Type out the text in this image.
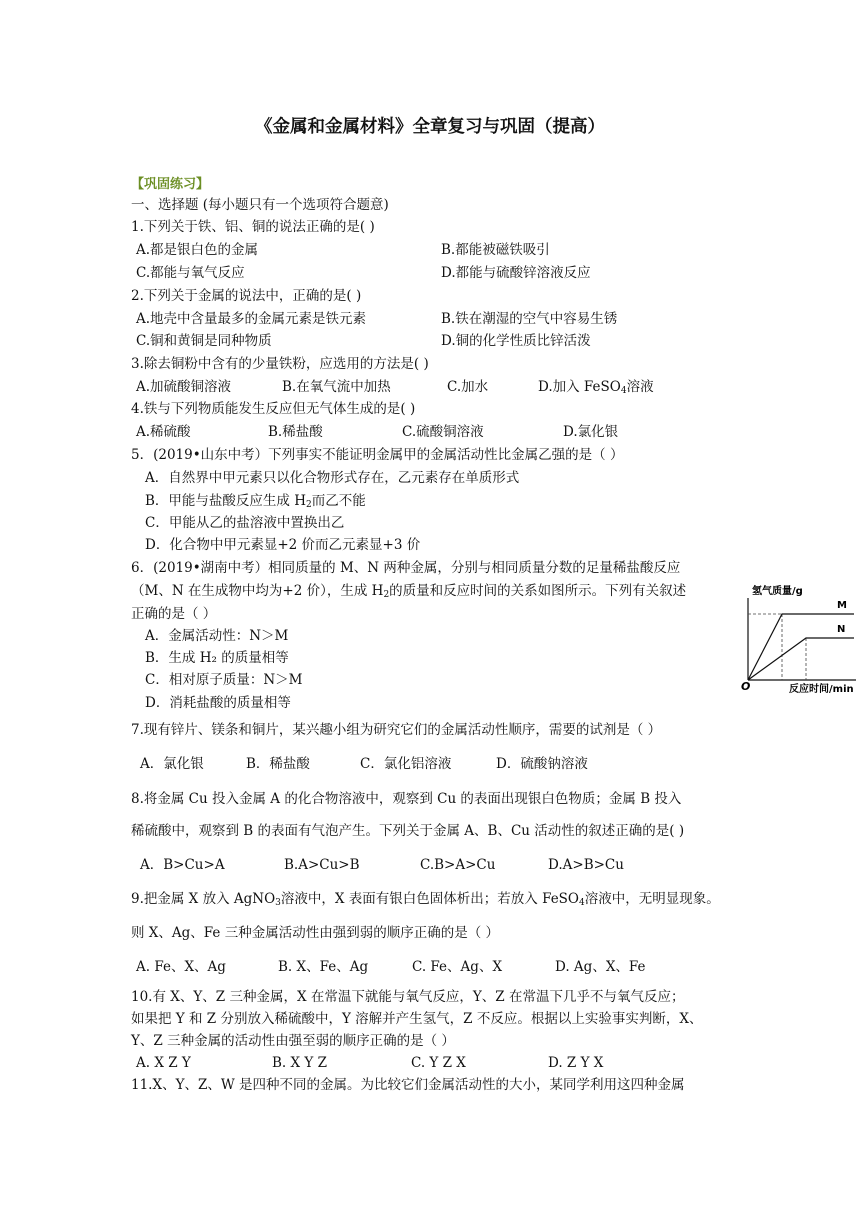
《金属和金属材料》全章复习与巩固（提高）
【巩固练习】
一、选择题 (每小题只有一个选项符合题意)
1.下列关于铁、铝、铜的说法正确的是( )
A.都是银白色的金属	B.都能被磁铁吸引
C.都能与氧气反应	D.都能与硫酸锌溶液反应
2.下列关于金属的说法中，正确的是( )
A.地壳中含量最多的金属元素是铁元素	B.铁在潮湿的空气中容易生锈
C.铜和黄铜是同种物质	D.铜的化学性质比锌活泼
3.除去铜粉中含有的少量铁粉，应选用的方法是( )
A.加硫酸铜溶液	B.在氧气流中加热	C.加水	D.加入 FeSO$_4$溶液
4.铁与下列物质能发生反应但无气体生成的是( )
A.稀硫酸	B.稀盐酸	C.硫酸铜溶液	D.氯化银
5．(2019•山东中考）下列事实不能证明金属甲的金属活动性比金属乙强的是（ ）
A．自然界中甲元素只以化合物形式存在，乙元素存在单质形式
B．甲能与盐酸反应生成 $H_2$而乙不能
C．甲能从乙的盐溶液中置换出乙
D．化合物中甲元素显+2 价而乙元素显+3 价
6．(2019•湖南中考）相同质量的 M、N 两种金属，分别与相同质量分数的足量稀盐酸反应
（M、N 在生成物中均为+2 价），生成 $H_2$的质量和反应时间的关系如图所示。下列有关叙述
正确的是（ ）
A．金属活动性：N＞M
B．生成 H₂ 的质量相等
C．相对原子质量：N＞M
D．消耗盐酸的质量相等
氢气质量/g
M
N
O	反应时间/min
7.现有锌片、镁条和铜片，某兴趣小组为研究它们的金属活动性顺序，需要的试剂是（ ）
A．氯化银	B．稀盐酸	C．氯化铝溶液	D．硫酸钠溶液
8.将金属 Cu 投入金属 A 的化合物溶液中，观察到 Cu 的表面出现银白色物质；金属 B 投入
稀硫酸中，观察到 B 的表面有气泡产生。下列关于金属 A、B、Cu 活动性的叙述正确的是( )
A．B>Cu>A	B.A>Cu>B	C.B>A>Cu	D.A>B>Cu
9.把金属 X 放入 AgNO$_3$溶液中，X 表面有银白色固体析出；若放入 FeSO$_4$溶液中，无明显现象。
则 X、Ag、Fe 三种金属活动性由强到弱的顺序正确的是（ ）
A. Fe、X、Ag	B. X、Fe、Ag	C. Fe、Ag、X	D. Ag、X、Fe
10.有 X、Y、Z 三种金属，X 在常温下就能与氧气反应，Y、Z 在常温下几乎不与氧气反应；
如果把 Y 和 Z 分别放入稀硫酸中，Y 溶解并产生氢气，Z 不反应。根据以上实验事实判断，X、
Y、Z 三种金属的活动性由强至弱的顺序正确的是（ ）
A. X Z Y	B. X Y Z	C. Y Z X	D. Z Y X
11.X、Y、Z、W 是四种不同的金属。为比较它们金属活动性的大小，某同学利用这四种金属
